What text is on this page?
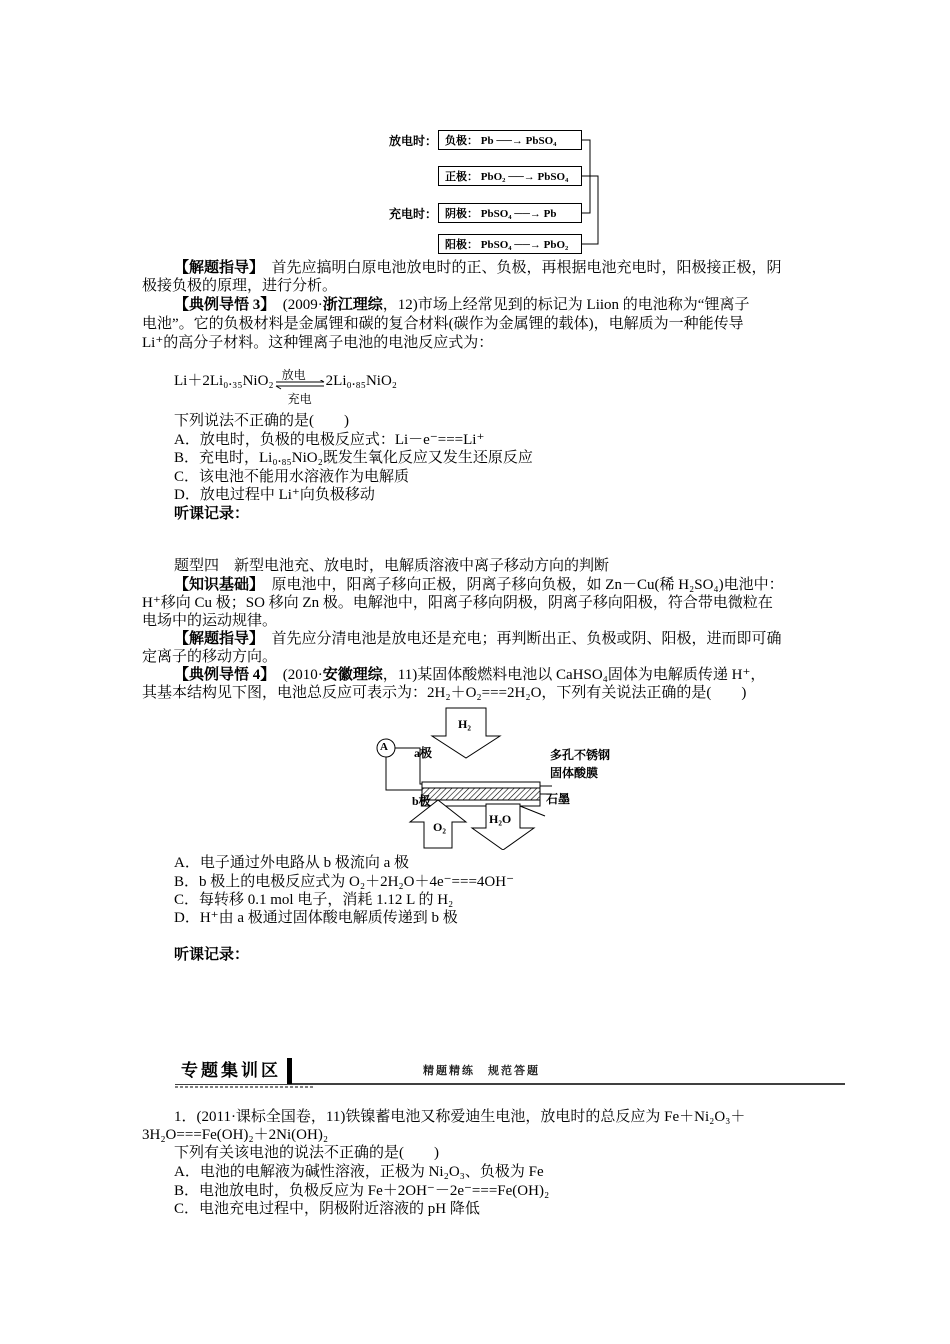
放电时：
充电时：
负极： Pb ──→ PbSO₄
正极： PbO₂ ──→ PbSO₄
阴极： PbSO₄ ──→ Pb
阳极： PbSO₄ ──→ PbO₂
【解题指导】　 首先应搞明白原电池放电时的正、负极，再根据电池充电时，阳极接正极，阴
极接负极的原理，进行分析。
【典例导悟 3】　 (2009·浙江理综，12)市场上经常见到的标记为 Liion 的电池称为“锂离子
电池”。它的负极材料是金属锂和碳的复合材料(碳作为金属锂的载体)，电解质为一种能传导
Li⁺的高分子材料。这种锂离子电池的电池反应式为：
Li＋2Li₀.₃₅NiO₂ 放电
充电
2Li₀.₈₅NiO₂
下列说法不正确的是(　　)
A．放电时，负极的电极反应式：Li－e⁻===Li⁺
B．充电时，Li₀.₈₅NiO₂既发生氧化反应又发生还原反应
C．该电池不能用水溶液作为电解质
D．放电过程中 Li⁺向负极移动
听课记录：
题型四　新型电池充、放电时，电解质溶液中离子移动方向的判断
【知识基础】　 原电池中，阳离子移向正极，阴离子移向负极，如 Zn－Cu(稀 H₂SO₄)电池中：
H⁺移向 Cu 极；SO 移向 Zn 极。电解池中，阳离子移向阴极，阴离子移向阳极，符合带电微粒在
电场中的运动规律。
【解题指导】　 首先应分清电池是放电还是充电；再判断出正、负极或阴、阳极，进而即可确
定离子的移动方向。
【典例导悟 4】　 (2010·安徽理综，11)某固体酸燃料电池以 CaHSO₄固体为电解质传递 H⁺，
其基本结构见下图，电池总反应可表示为：2H₂＋O₂===2H₂O，下列有关说法正确的是(　　)
H₂
A a极
b极
多孔不锈钢
固体酸膜
石墨
O₂
H₂O
A．电子通过外电路从 b 极流向 a 极
B．b 极上的电极反应式为 O₂＋2H₂O＋4e⁻===4OH⁻
C．每转移 0.1 mol 电子，消耗 1.12 L 的 H₂
D．H⁺由 a 极通过固体酸电解质传递到 b 极
听课记录：
专题集训区	精题精练　规范答题
1．(2011·课标全国卷，11)铁镍蓄电池又称爱迪生电池，放电时的总反应为 Fe＋Ni₂O₃＋
3H₂O===Fe(OH)₂＋2Ni(OH)₂
下列有关该电池的说法不正确的是(　　)
A．电池的电解液为碱性溶液，正极为 Ni₂O₃、负极为 Fe
B．电池放电时，负极反应为 Fe＋2OH⁻－2e⁻===Fe(OH)₂
C．电池充电过程中，阴极附近溶液的 pH 降低
